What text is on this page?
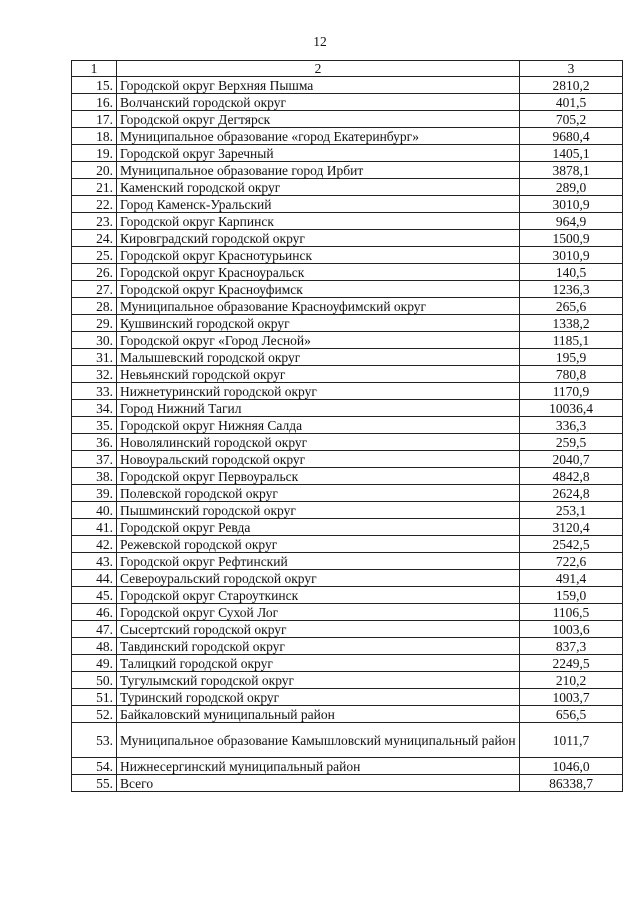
12
1	2	3
15.	Городской округ Верхняя Пышма	2810,2
16.	Волчанский городской округ	401,5
17.	Городской округ Дегтярск	705,2
18.	Муниципальное образование «город Екатеринбург»	9680,4
19.	Городской округ Заречный	1405,1
20.	Муниципальное образование город Ирбит	3878,1
21.	Каменский городской округ	289,0
22.	Город Каменск-Уральский	3010,9
23.	Городской округ Карпинск	964,9
24.	Кировградский городской округ	1500,9
25.	Городской округ Краснотурьинск	3010,9
26.	Городской округ Красноуральск	140,5
27.	Городской округ Красноуфимск	1236,3
28.	Муниципальное образование Красноуфимский округ	265,6
29.	Кушвинский городской округ	1338,2
30.	Городской округ «Город Лесной»	1185,1
31.	Малышевский городской округ	195,9
32.	Невьянский городской округ	780,8
33.	Нижнетуринский городской округ	1170,9
34.	Город Нижний Тагил	10036,4
35.	Городской округ Нижняя Салда	336,3
36.	Новолялинский городской округ	259,5
37.	Новоуральский городской округ	2040,7
38.	Городской округ Первоуральск	4842,8
39.	Полевской городской округ	2624,8
40.	Пышминский городской округ	253,1
41.	Городской округ Ревда	3120,4
42.	Режевской городской округ	2542,5
43.	Городской округ Рефтинский	722,6
44.	Североуральский городской округ	491,4
45.	Городской округ Староуткинск	159,0
46.	Городской округ Сухой Лог	1106,5
47.	Сысертский городской округ	1003,6
48.	Тавдинский городской округ	837,3
49.	Талицкий городской округ	2249,5
50.	Тугулымский городской округ	210,2
51.	Туринский городской округ	1003,7
52.	Байкаловский муниципальный район	656,5
53.	Муниципальное образование Камышловский муниципальный район	1011,7
54.	Нижнесергинский муниципальный район	1046,0
55.	Всего	86338,7
